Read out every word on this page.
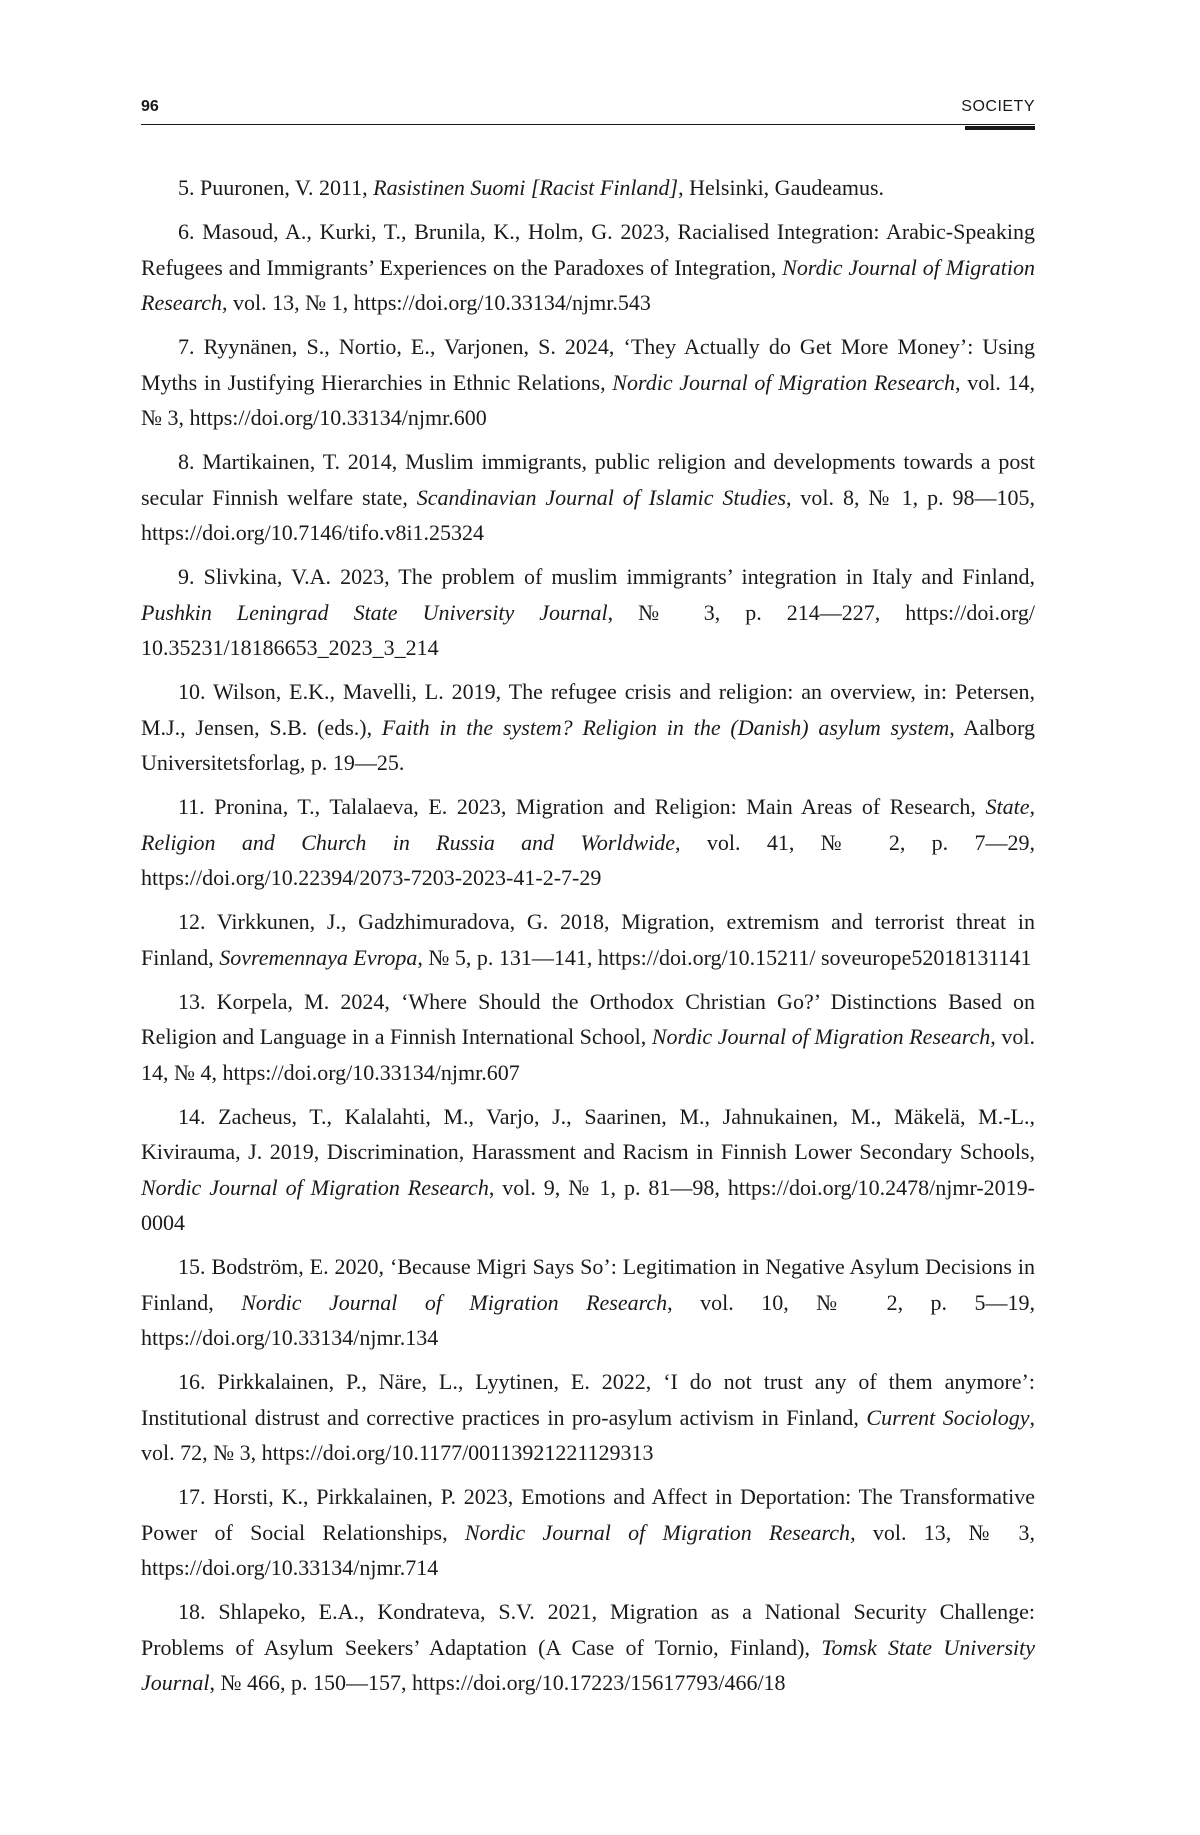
96	SOCIETY
5. Puuronen, V. 2011, Rasistinen Suomi [Racist Finland], Helsinki, Gaudeamus.
6. Masoud, A., Kurki, T., Brunila, K., Holm, G. 2023, Racialised Integration: Arabic-Speaking Refugees and Immigrants’ Experiences on the Paradoxes of Integration, Nordic Journal of Migration Research, vol. 13, № 1, https://doi.org/10.33134/njmr.543
7. Ryynänen, S., Nortio, E., Varjonen, S. 2024, ‘They Actually do Get More Money’: Using Myths in Justifying Hierarchies in Ethnic Relations, Nordic Journal of Migration Research, vol. 14, № 3, https://doi.org/10.33134/njmr.600
8. Martikainen, T. 2014, Muslim immigrants, public religion and developments towards a post secular Finnish welfare state, Scandinavian Journal of Islamic Studies, vol. 8, № 1, p. 98—105, https://doi.org/10.7146/tifo.v8i1.25324
9. Slivkina, V.A. 2023, The problem of muslim immigrants’ integration in Italy and Finland, Pushkin Leningrad State University Journal, № 3, p. 214—227, https://doi.org/ 10.35231/18186653_2023_3_214
10. Wilson, E.K., Mavelli, L. 2019, The refugee crisis and religion: an overview, in: Petersen, M.J., Jensen, S.B. (eds.), Faith in the system? Religion in the (Danish) asylum system, Aalborg Universitetsforlag, p. 19—25.
11. Pronina, T., Talalaeva, E. 2023, Migration and Religion: Main Areas of Research, State, Religion and Church in Russia and Worldwide, vol. 41, № 2, p. 7—29, https://doi.org/10.22394/2073-7203-2023-41-2-7-29
12. Virkkunen, J., Gadzhimuradova, G. 2018, Migration, extremism and terrorist threat in Finland, Sovremennaya Evropa, № 5, p. 131—141, https://doi.org/10.15211/ soveurope52018131141
13. Korpela, M. 2024, ‘Where Should the Orthodox Christian Go?’ Distinctions Based on Religion and Language in a Finnish International School, Nordic Journal of Migration Research, vol. 14, № 4, https://doi.org/10.33134/njmr.607
14. Zacheus, T., Kalalahti, M., Varjo, J., Saarinen, M., Jahnukainen, M., Mäkelä, M.-L., Kivirauma, J. 2019, Discrimination, Harassment and Racism in Finnish Lower Secondary Schools, Nordic Journal of Migration Research, vol. 9, № 1, p. 81—98, https://doi.org/10.2478/njmr-2019-0004
15. Bodström, E. 2020, ‘Because Migri Says So’: Legitimation in Negative Asylum Decisions in Finland, Nordic Journal of Migration Research, vol. 10, № 2, p. 5—19, https://doi.org/10.33134/njmr.134
16. Pirkkalainen, P., Näre, L., Lyytinen, E. 2022, ‘I do not trust any of them anymore’: Institutional distrust and corrective practices in pro-asylum activism in Finland, Current Sociology, vol. 72, № 3, https://doi.org/10.1177/00113921221129313
17. Horsti, K., Pirkkalainen, P. 2023, Emotions and Affect in Deportation: The Transformative Power of Social Relationships, Nordic Journal of Migration Research, vol. 13, № 3, https://doi.org/10.33134/njmr.714
18. Shlapeko, E.A., Kondrateva, S.V. 2021, Migration as a National Security Challenge: Problems of Asylum Seekers’ Adaptation (A Case of Tornio, Finland), Tomsk State University Journal, № 466, p. 150—157, https://doi.org/10.17223/15617793/466/18
